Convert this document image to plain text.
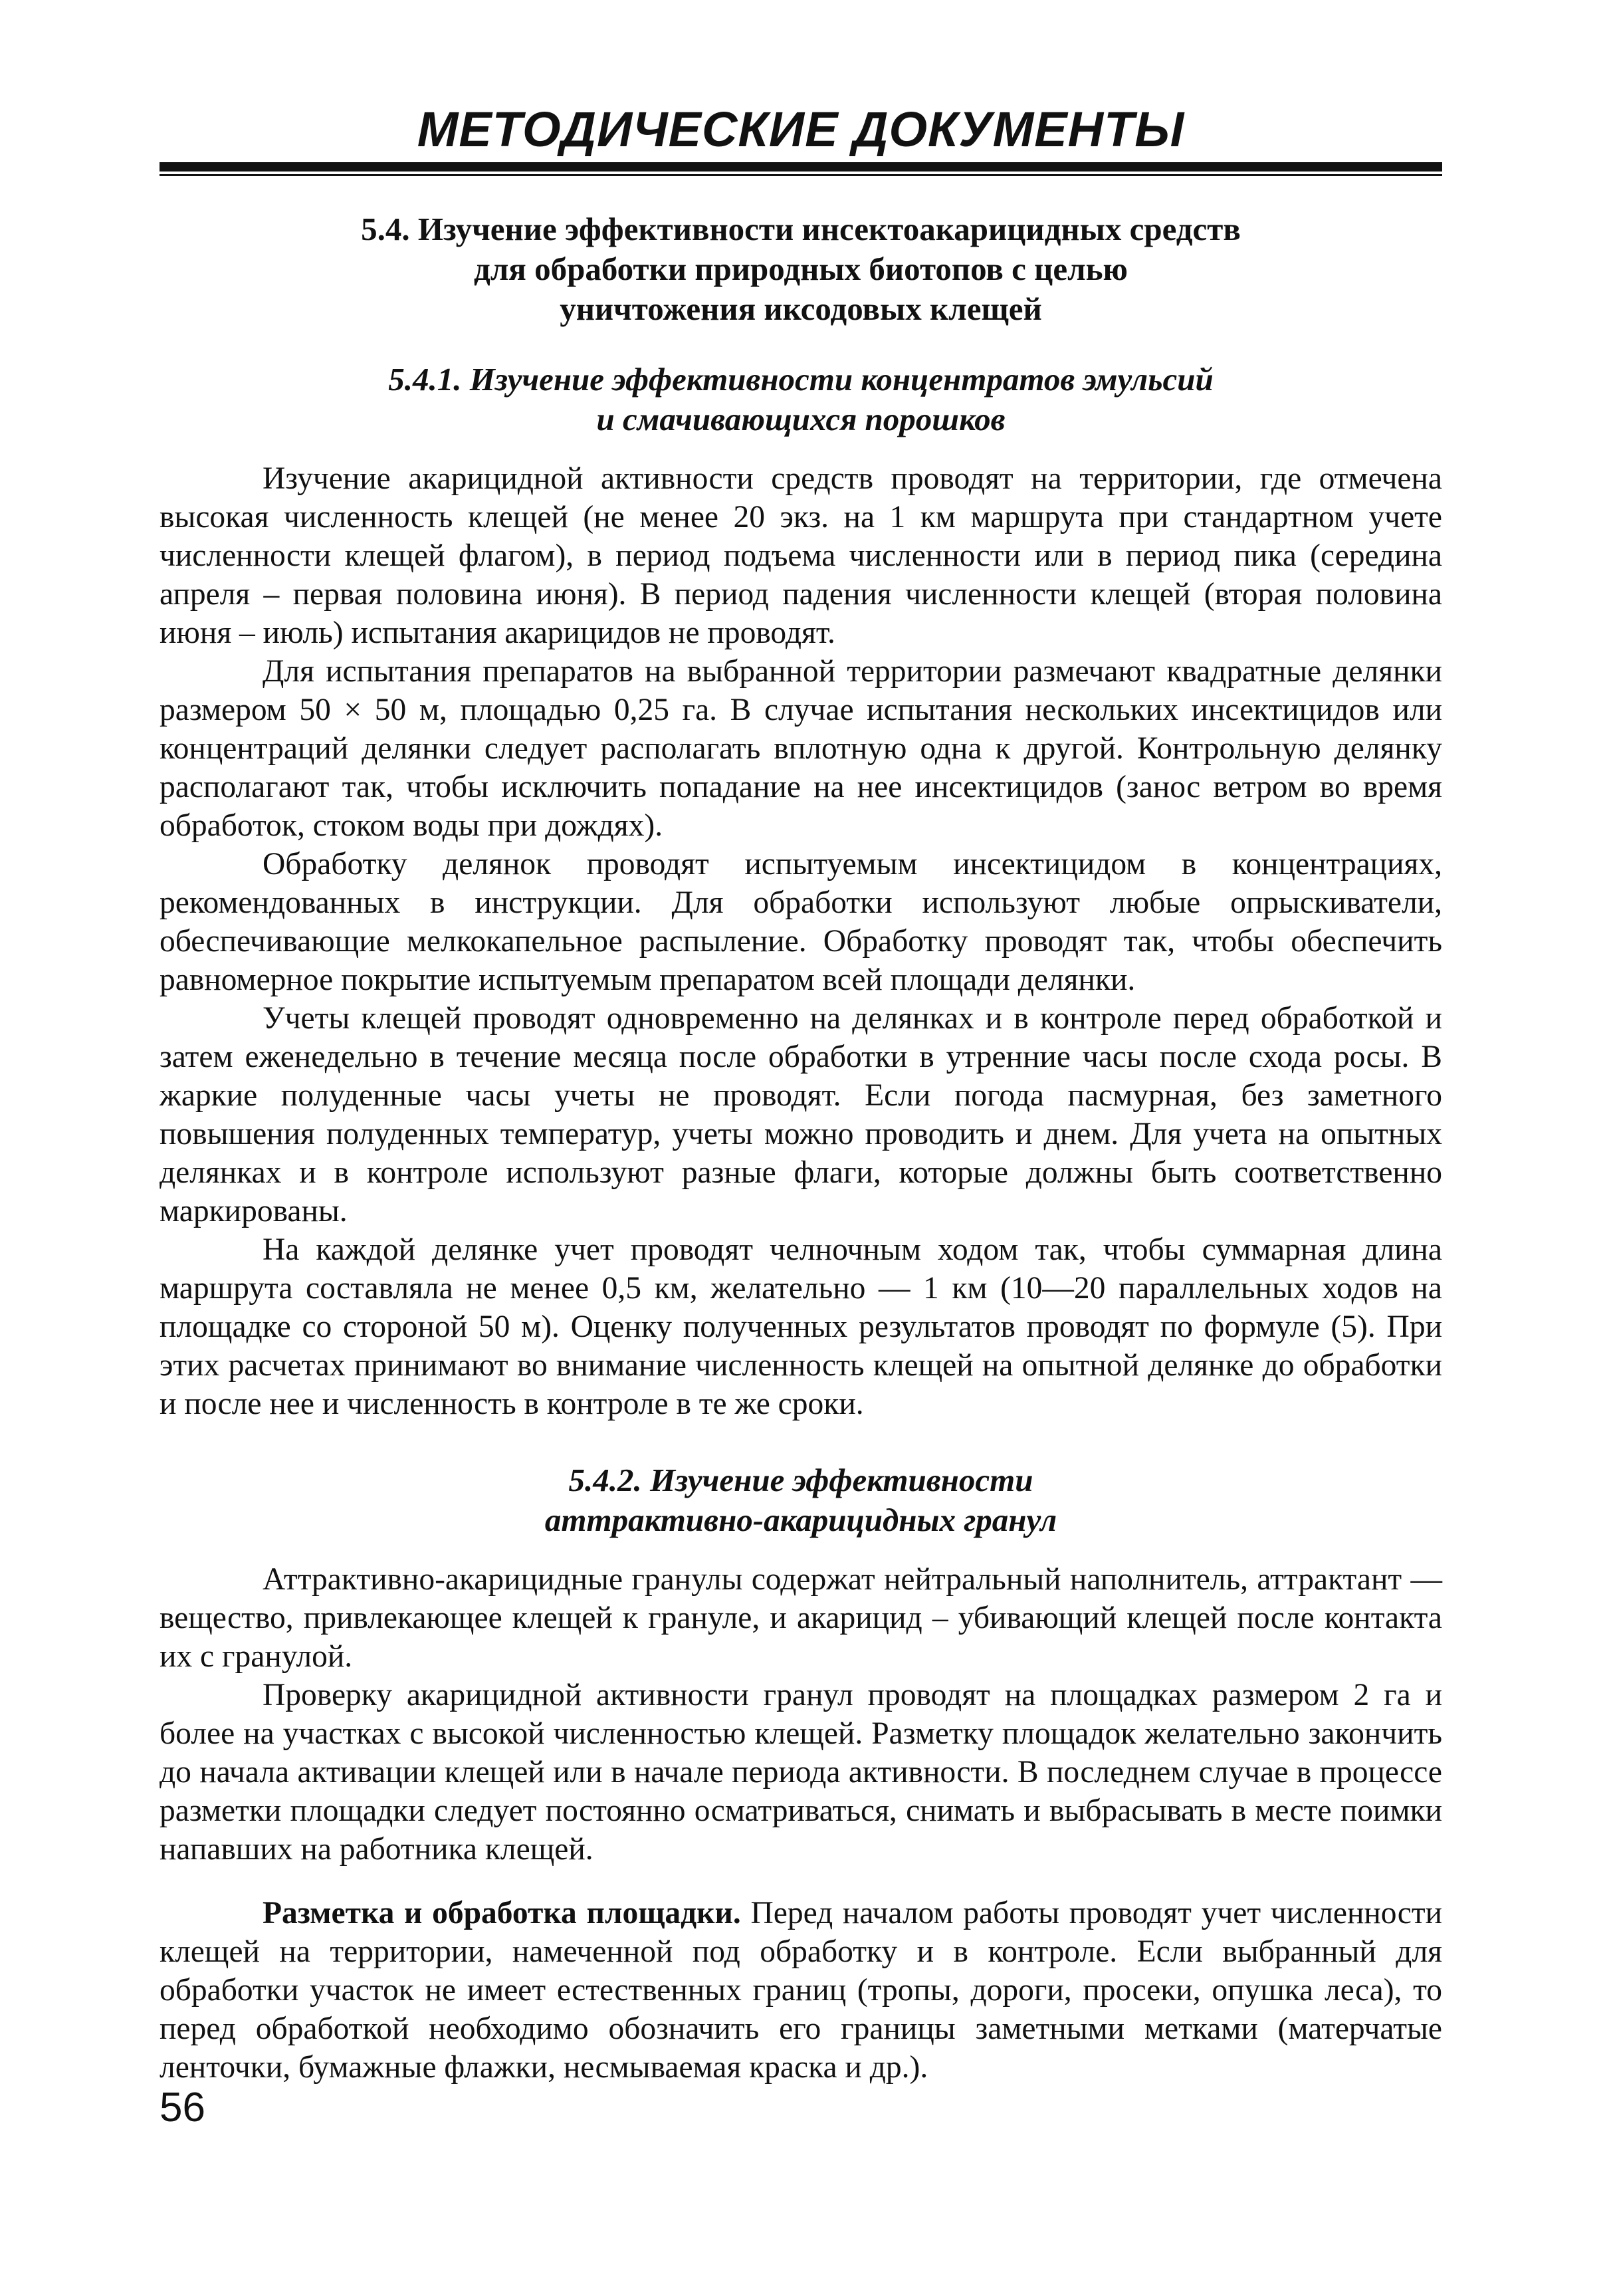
МЕТОДИЧЕСКИЕ ДОКУМЕНТЫ
5.4. Изучение эффективности инсектоакарицидных средств
для обработки природных биотопов с целью
уничтожения иксодовых клещей
5.4.1. Изучение эффективности концентратов эмульсий
и смачивающихся порошков

Изучение акарицидной активности средств проводят на территории, где отмечена высокая численность клещей (не менее 20 экз. на 1 км маршрута при стандартном учете численности клещей флагом), в период подъема численности или в период пика (середина апреля – первая половина июня). В период падения численности клещей (вторая половина июня – июль) испытания акарицидов не проводят.

Для испытания препаратов на выбранной территории размечают квадратные делянки размером 50 × 50 м, площадью 0,25 га. В случае испытания нескольких инсектицидов или концентраций делянки следует располагать вплотную одна к другой. Контрольную делянку располагают так, чтобы исключить попадание на нее инсектицидов (занос ветром во время обработок, стоком воды при дождях).

Обработку делянок проводят испытуемым инсектицидом в концентрациях, рекомендованных в инструкции. Для обработки используют любые опрыскиватели, обеспечивающие мелкокапельное распыление. Обработку проводят так, чтобы обеспечить равномерное покрытие испытуемым препаратом всей площади делянки.

Учеты клещей проводят одновременно на делянках и в контроле перед обработкой и затем еженедельно в течение месяца после обработки в утренние часы после схода росы. В жаркие полуденные часы учеты не проводят. Если погода пасмурная, без заметного повышения полуденных температур, учеты можно проводить и днем. Для учета на опытных делянках и в контроле используют разные флаги, которые должны быть соответственно маркированы.

На каждой делянке учет проводят челночным ходом так, чтобы суммарная длина маршрута составляла не менее 0,5 км, желательно — 1 км (10—20 параллельных ходов на площадке со стороной 50 м). Оценку полученных результатов проводят по формуле (5). При этих расчетах принимают во внимание численность клещей на опытной делянке до обработки и после нее и численность в контроле в те же сроки.

5.4.2. Изучение эффективности
аттрактивно-акарицидных гранул

Аттрактивно-акарицидные гранулы содержат нейтральный наполнитель, аттрактант — вещество, привлекающее клещей к грануле, и акарицид – убивающий клещей после контакта их с гранулой.

Проверку акарицидной активности гранул проводят на площадках размером 2 га и более на участках с высокой численностью клещей. Разметку площадок желательно закончить до начала активации клещей или в начале периода активности. В последнем случае в процессе разметки площадки следует постоянно осматриваться, снимать и выбрасывать в месте поимки напавших на работника клещей.

Разметка и обработка площадки. Перед началом работы проводят учет численности клещей на территории, намеченной под обработку и в контроле. Если выбранный для обработки участок не имеет естественных границ (тропы, дороги, просеки, опушка леса), то перед обработкой необходимо обозначить его границы заметными метками (матерчатые ленточки, бумажные флажки, несмываемая краска и др.).

56
